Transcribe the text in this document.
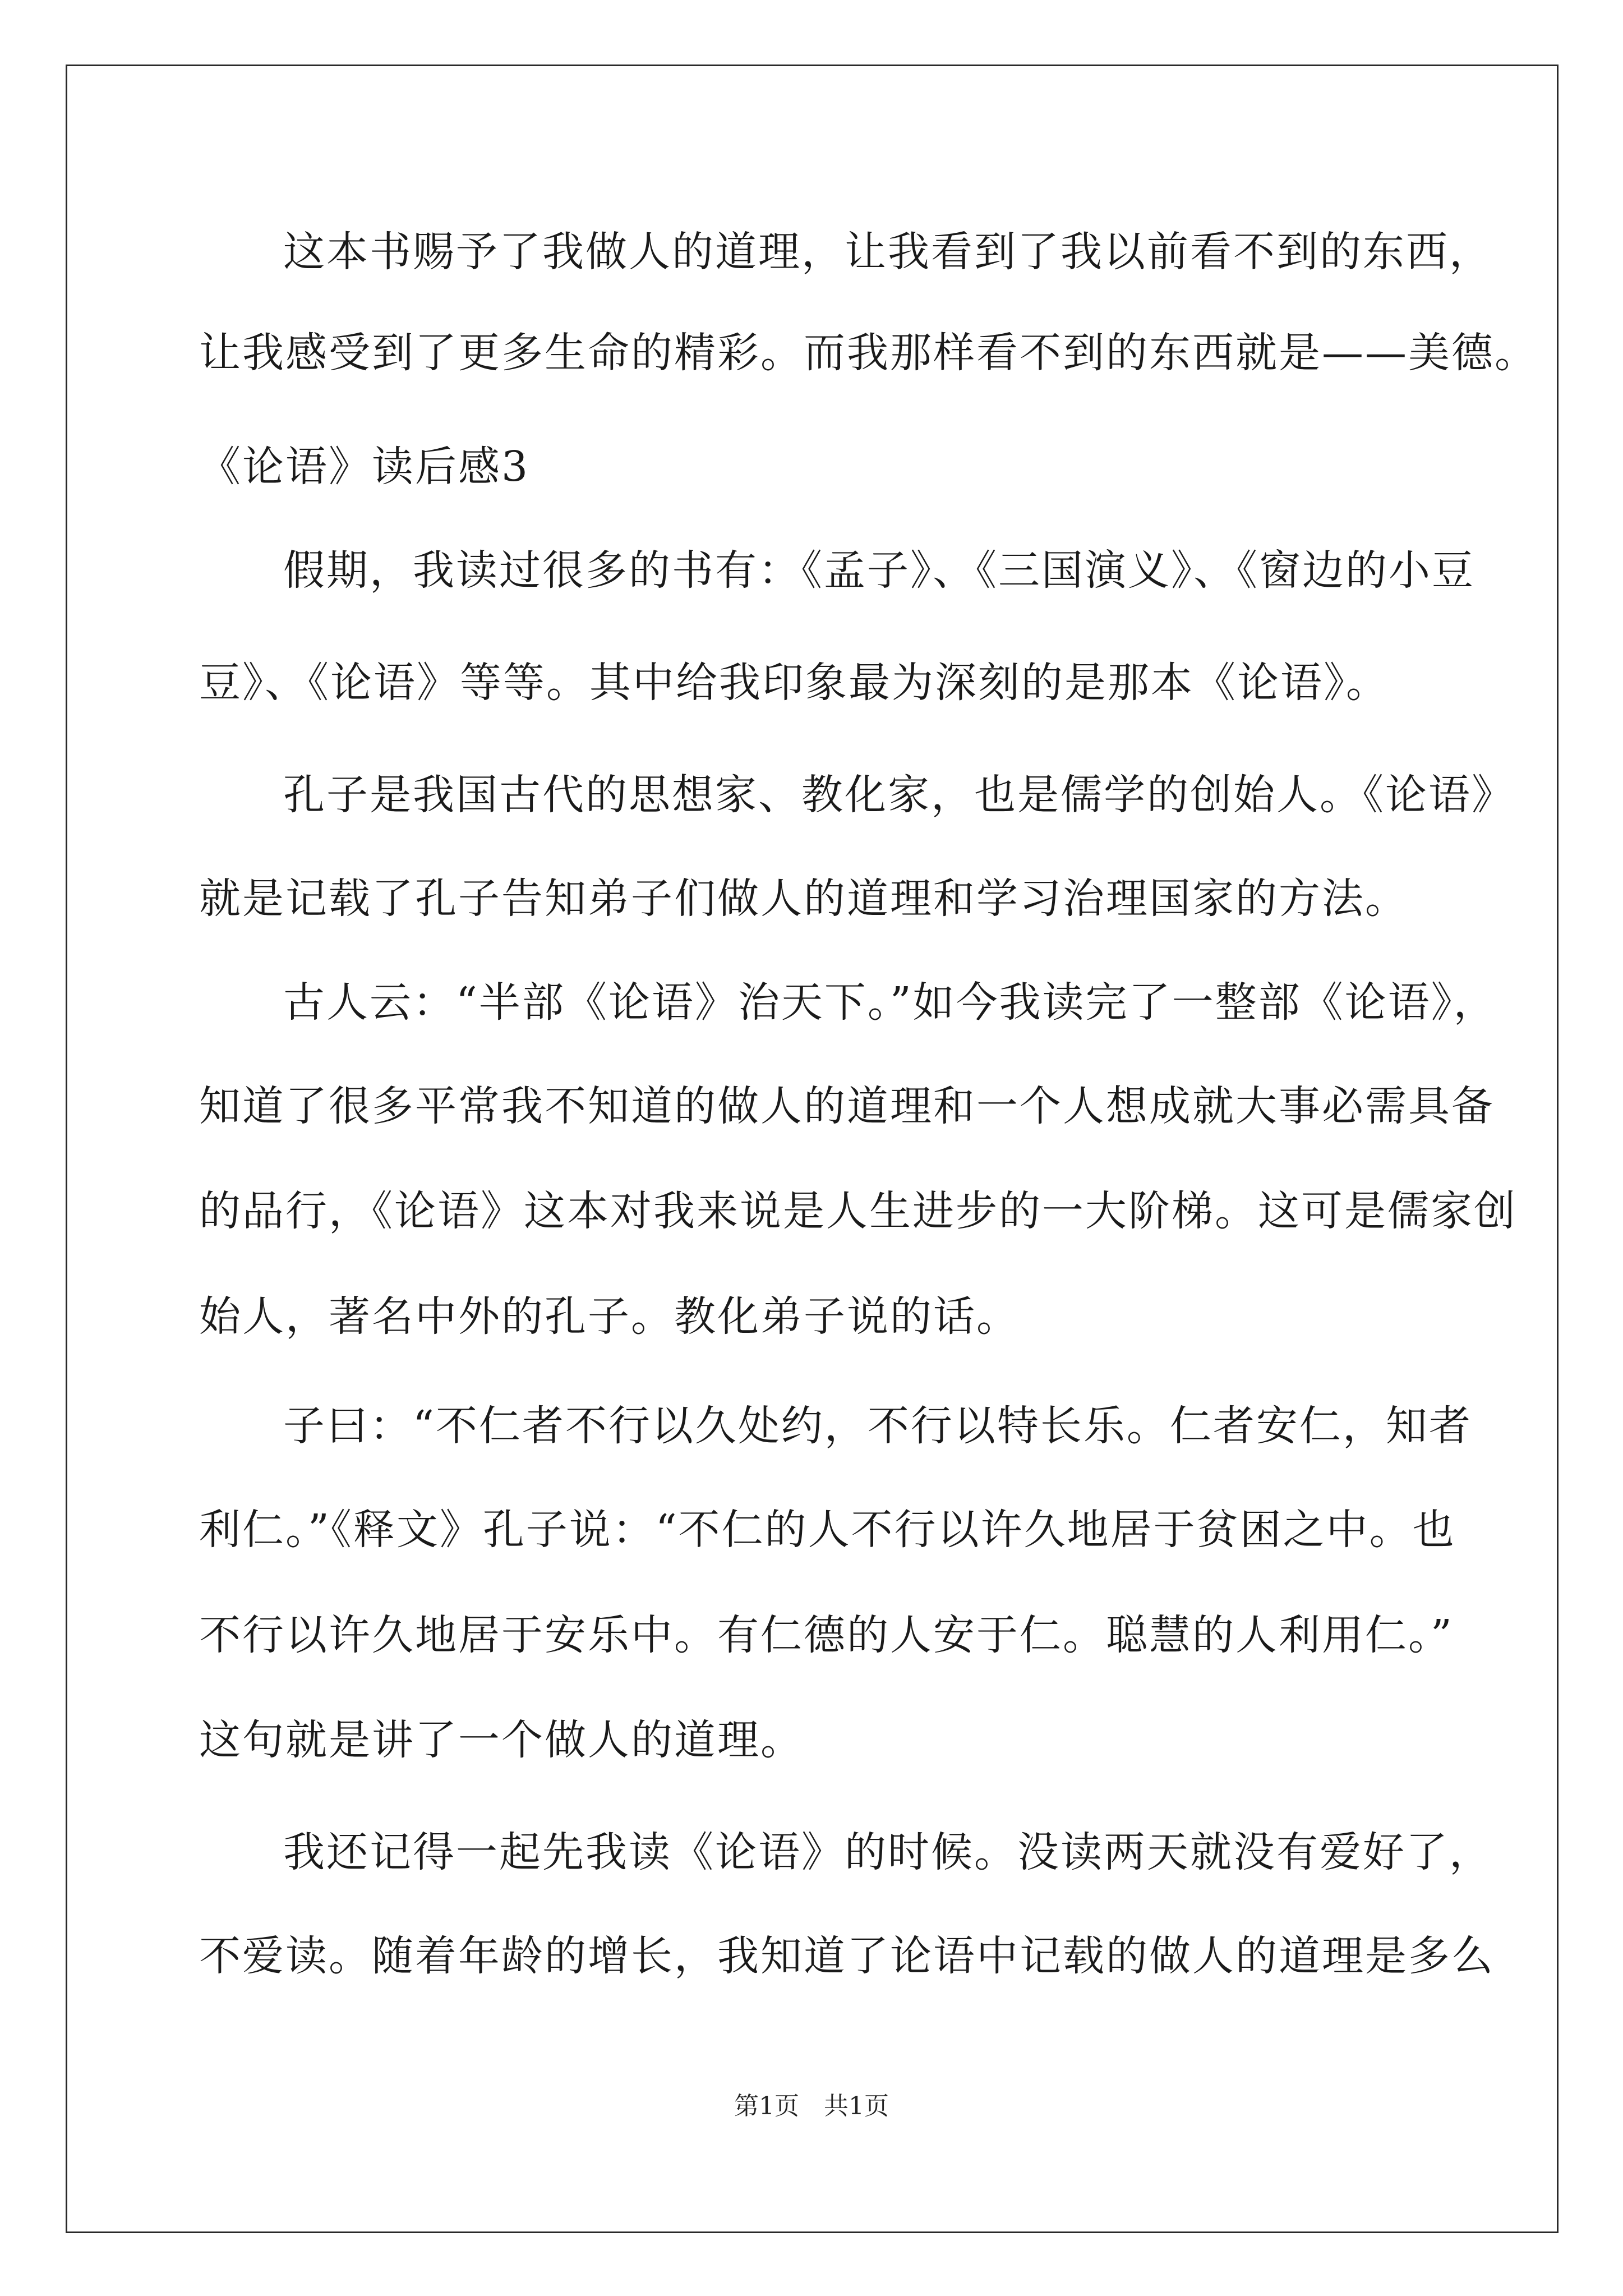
这本书赐予了我做人的道理，让我看到了我以前看不到的东西，
让我感受到了更多生命的精彩。而我那样看不到的东西就是——美德。
《论语》读后感3
假期，我读过很多的书有：《孟子》、《三国演义》、《窗边的小豆
豆》、《论语》等等。其中给我印象最为深刻的是那本《论语》。
孔子是我国古代的思想家、教化家，也是儒学的创始人。《论语》
就是记载了孔子告知弟子们做人的道理和学习治理国家的方法。
古人云：“半部《论语》治天下。”如今我读完了一整部《论语》，
知道了很多平常我不知道的做人的道理和一个人想成就大事必需具备
的品行，《论语》这本对我来说是人生进步的一大阶梯。这可是儒家创
始人，著名中外的孔子。教化弟子说的话。
子曰：“不仁者不行以久处约，不行以特长乐。仁者安仁，知者
利仁。”《释文》孔子说：“不仁的人不行以许久地居于贫困之中。也
不行以许久地居于安乐中。有仁德的人安于仁。聪慧的人利用仁。”
这句就是讲了一个做人的道理。
我还记得一起先我读《论语》的时候。没读两天就没有爱好了，
不爱读。随着年龄的增长，我知道了论语中记载的做人的道理是多么
第1页　共1页
